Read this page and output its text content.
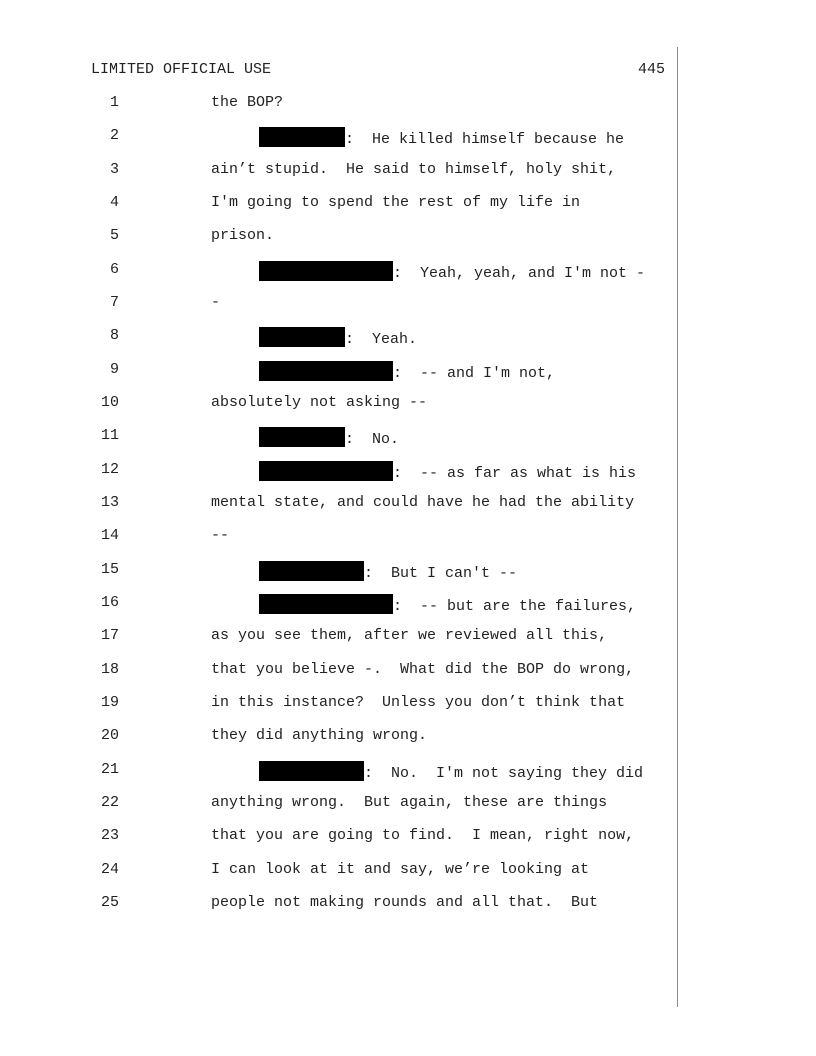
LIMITED OFFICIAL USE	445
1	the BOP?
2	:  He killed himself because he
3	ain’t stupid.  He said to himself, holy shit,
4	I'm going to spend the rest of my life in
5	prison.
6	:  Yeah, yeah, and I'm not -
7	-
8	:  Yeah.
9	:  -- and I'm not,
10	absolutely not asking --
11	:  No.
12	:  -- as far as what is his
13	mental state, and could have he had the ability
14	--
15	:  But I can't --
16	:  -- but are the failures,
17	as you see them, after we reviewed all this,
18	that you believe -.  What did the BOP do wrong,
19	in this instance?  Unless you don’t think that
20	they did anything wrong.
21	:  No.  I'm not saying they did
22	anything wrong.  But again, these are things
23	that you are going to find.  I mean, right now,
24	I can look at it and say, we’re looking at
25	people not making rounds and all that.  But
